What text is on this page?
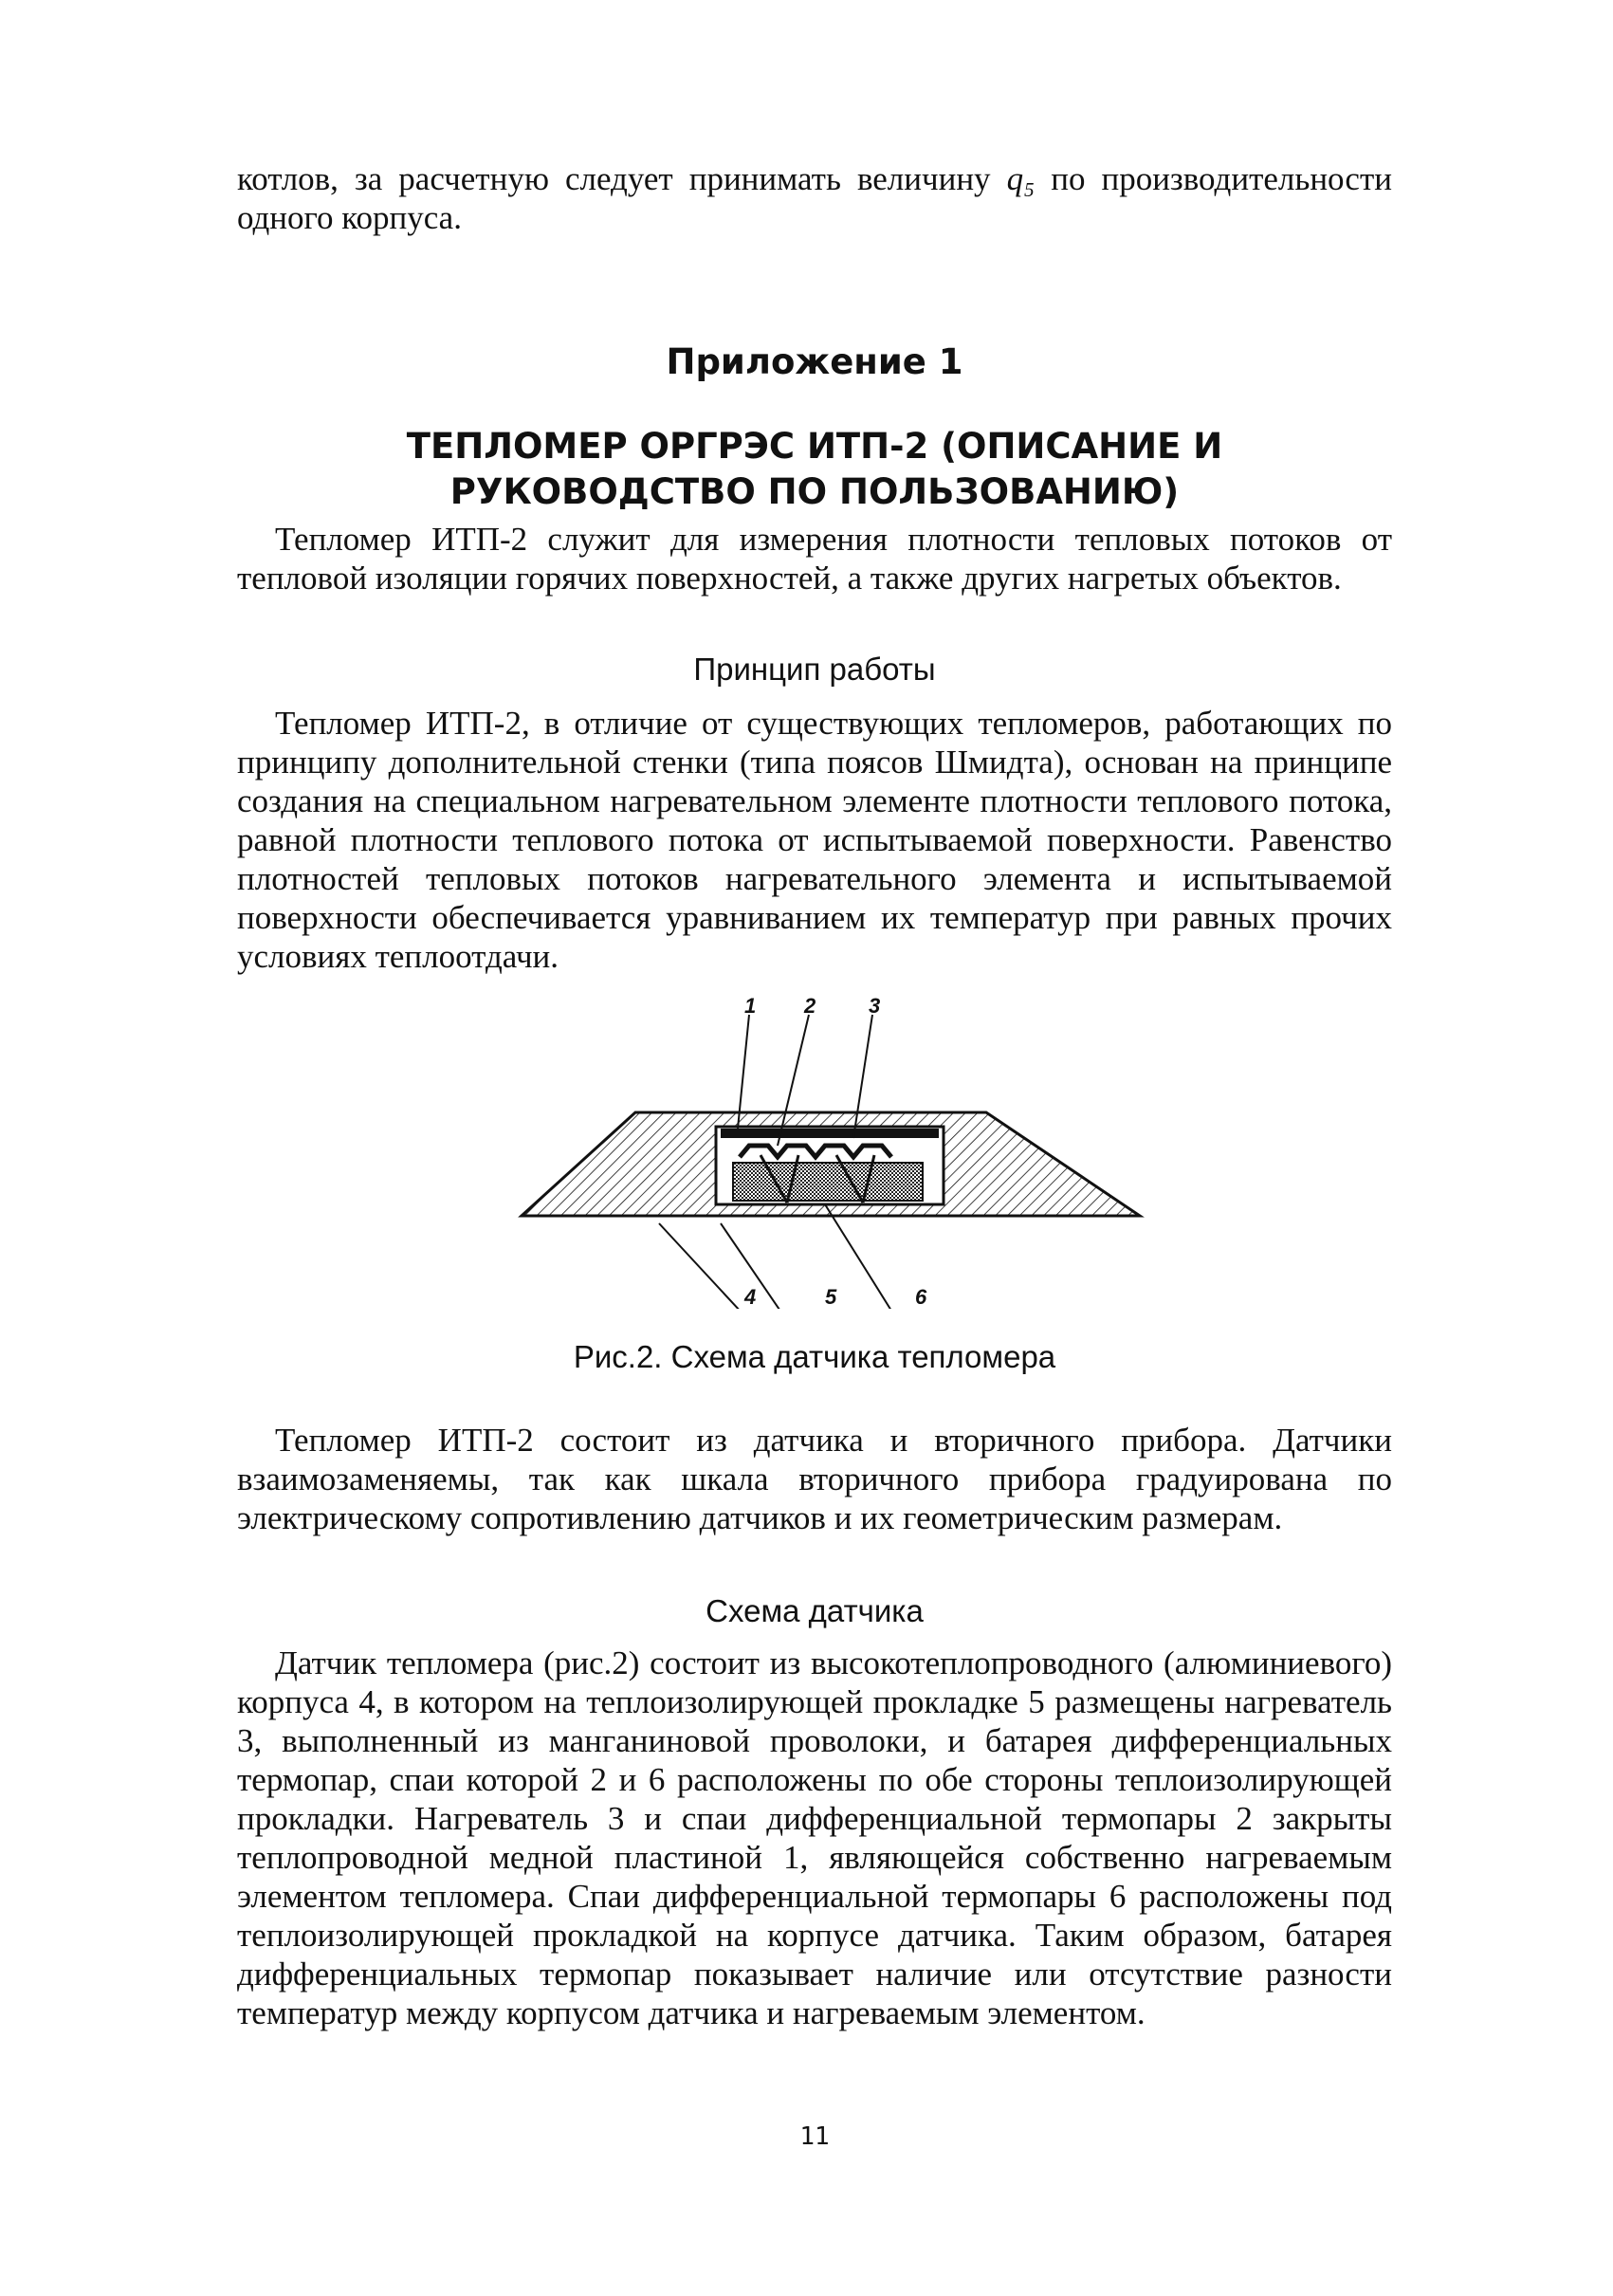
котлов, за расчетную следует принимать величину q₅ по производительности одного корпуса.

Приложение 1
ТЕПЛОМЕР ОРГРЭС ИТП-2 (ОПИСАНИЕ И РУКОВОДСТВО ПО ПОЛЬЗОВАНИЮ)

Тепломер ИТП-2 служит для измерения плотности тепловых потоков от тепловой изоляции горячих поверхностей, а также других нагретых объектов.

Принцип работы

Тепломер ИТП-2, в отличие от существующих тепломеров, работающих по принципу дополнительной стенки (типа поясов Шмидта), основан на принципе создания на специальном нагревательном элементе плотности теплового потока, равной плотности теплового потока от испытываемой поверхности. Равенство плотностей тепловых потоков нагревательного элемента и испытываемой поверхности обеспечивается уравниванием их температур при равных прочих условиях теплоотдачи.

1 2	3
4	5	6
Рис.2. Схема датчика тепломера

Тепломер ИТП-2 состоит из датчика и вторичного прибора. Датчики взаимозаменяемы, так как шкала вторичного прибора градуирована по электрическому сопротивлению датчиков и их геометрическим размерам.

Схема датчика

Датчик тепломера (рис.2) состоит из высокотеплопроводного (алюминиевого) корпуса 4, в котором на теплоизолирующей прокладке 5 размещены нагреватель 3, выполненный из манганиновой проволоки, и батарея дифференциальных термопар, спаи которой 2 и 6 расположены по обе стороны теплоизолирующей прокладки. Нагреватель 3 и спаи дифференциальной термопары 2 закрыты теплопроводной медной пластиной 1, являющейся собственно нагреваемым элементом тепломера. Спаи дифференциальной термопары 6 расположены под теплоизолирующей прокладкой на корпусе датчика. Таким образом, батарея дифференциальных термопар показывает наличие или отсутствие разности температур между корпусом датчика и нагреваемым элементом.

11
